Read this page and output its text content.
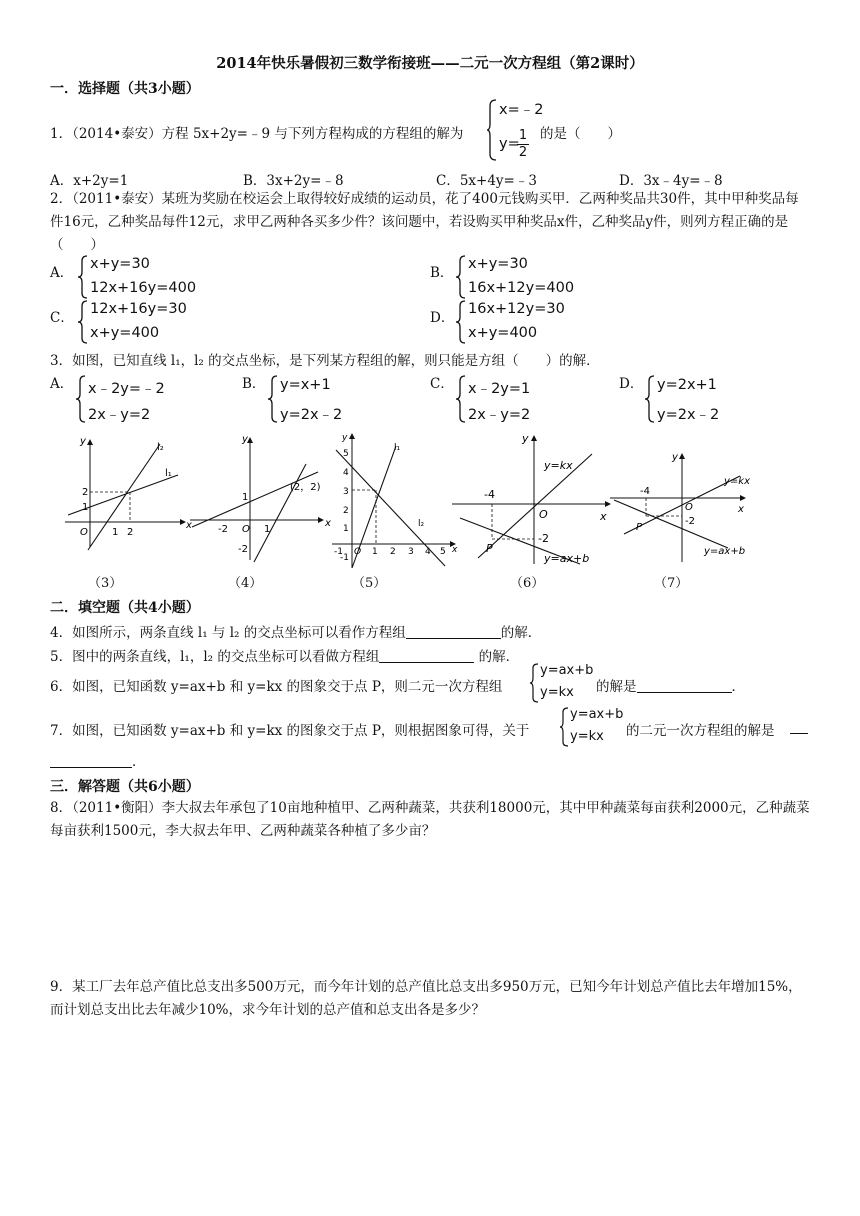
2014年快乐暑假初三数学衔接班——二元一次方程组（第2课时）
一．选择题（共3小题）
1．（2014•泰安）方程 5x+2y=﹣9 与下列方程构成的方程组的解为
x=﹣2
y=
$\frac{1}{2}$ 的是（　　）
A．x+2y=1	B．3x+2y=﹣8	C．5x+4y=﹣3	D．3x﹣4y=﹣8
2．（2011•泰安）某班为奖励在校运会上取得较好成绩的运动员，花了400元钱购买甲．乙两种奖品共30件，其中甲种奖品每件16元，乙种奖品每件12元，求甲乙两种各买多少件？该问题中，若设购买甲种奖品x件，乙种奖品y件，则列方程正确的是（　　）
A．
x+y=30
12x+16y=400
B．
x+y=30
16x+12y=400
C．
12x+16y=30
x+y=400
D．
16x+12y=30
x+y=400
3．如图，已知直线 l₁，l₂ 的交点坐标，是下列某方程组的解，则只能是方组（　　）的解．
A． x﹣2y=﹣2
2x﹣y=2
B． y=x+1
y=2x﹣2
C． x﹣2y=1
2x﹣y=2
D． y=2x+1
y=2x﹣2
y
x
l₁
l₂
O
1
2
1 2
（3）
y
x
(2，2)
O
1
-2
1
-2
（4）
y
x
l₁
l₂
O
5
4
3
2
1
-1
-1	1 2 3 4 5
（5）
y
x
y=kx
y=ax+b
P
O
-4
-2
（6）
y
x
y=kx
y=ax+b
P
O
-4
-2
（7）
二．填空题（共4小题）
4．如图所示，两条直线 l₁ 与 l₂ 的交点坐标可以看作方程组	的解．
5．图中的两条直线，l₁，l₂ 的交点坐标可以看做方程组	的解．
6．如图，已知函数 y=ax+b 和 y=kx 的图象交于点 P，则二元一次方程组
y=ax+b
y=kx 的解是	．
7．如图，已知函数 y=ax+b 和 y=kx 的图象交于点 P，则根据图象可得，关于
y=ax+b
y=kx 的二元一次方程组的解是
．
三．解答题（共6小题）
8．（2011•衡阳）李大叔去年承包了10亩地种植甲、乙两种蔬菜，共获利18000元，其中甲种蔬菜每亩获利2000元，乙种蔬菜每亩获利1500元，李大叔去年甲、乙两种蔬菜各种植了多少亩？
9．某工厂去年总产值比总支出多500万元，而今年计划的总产值比总支出多950万元，已知今年计划总产值比去年增加15%，而计划总支出比去年减少10%，求今年计划的总产值和总支出各是多少？
